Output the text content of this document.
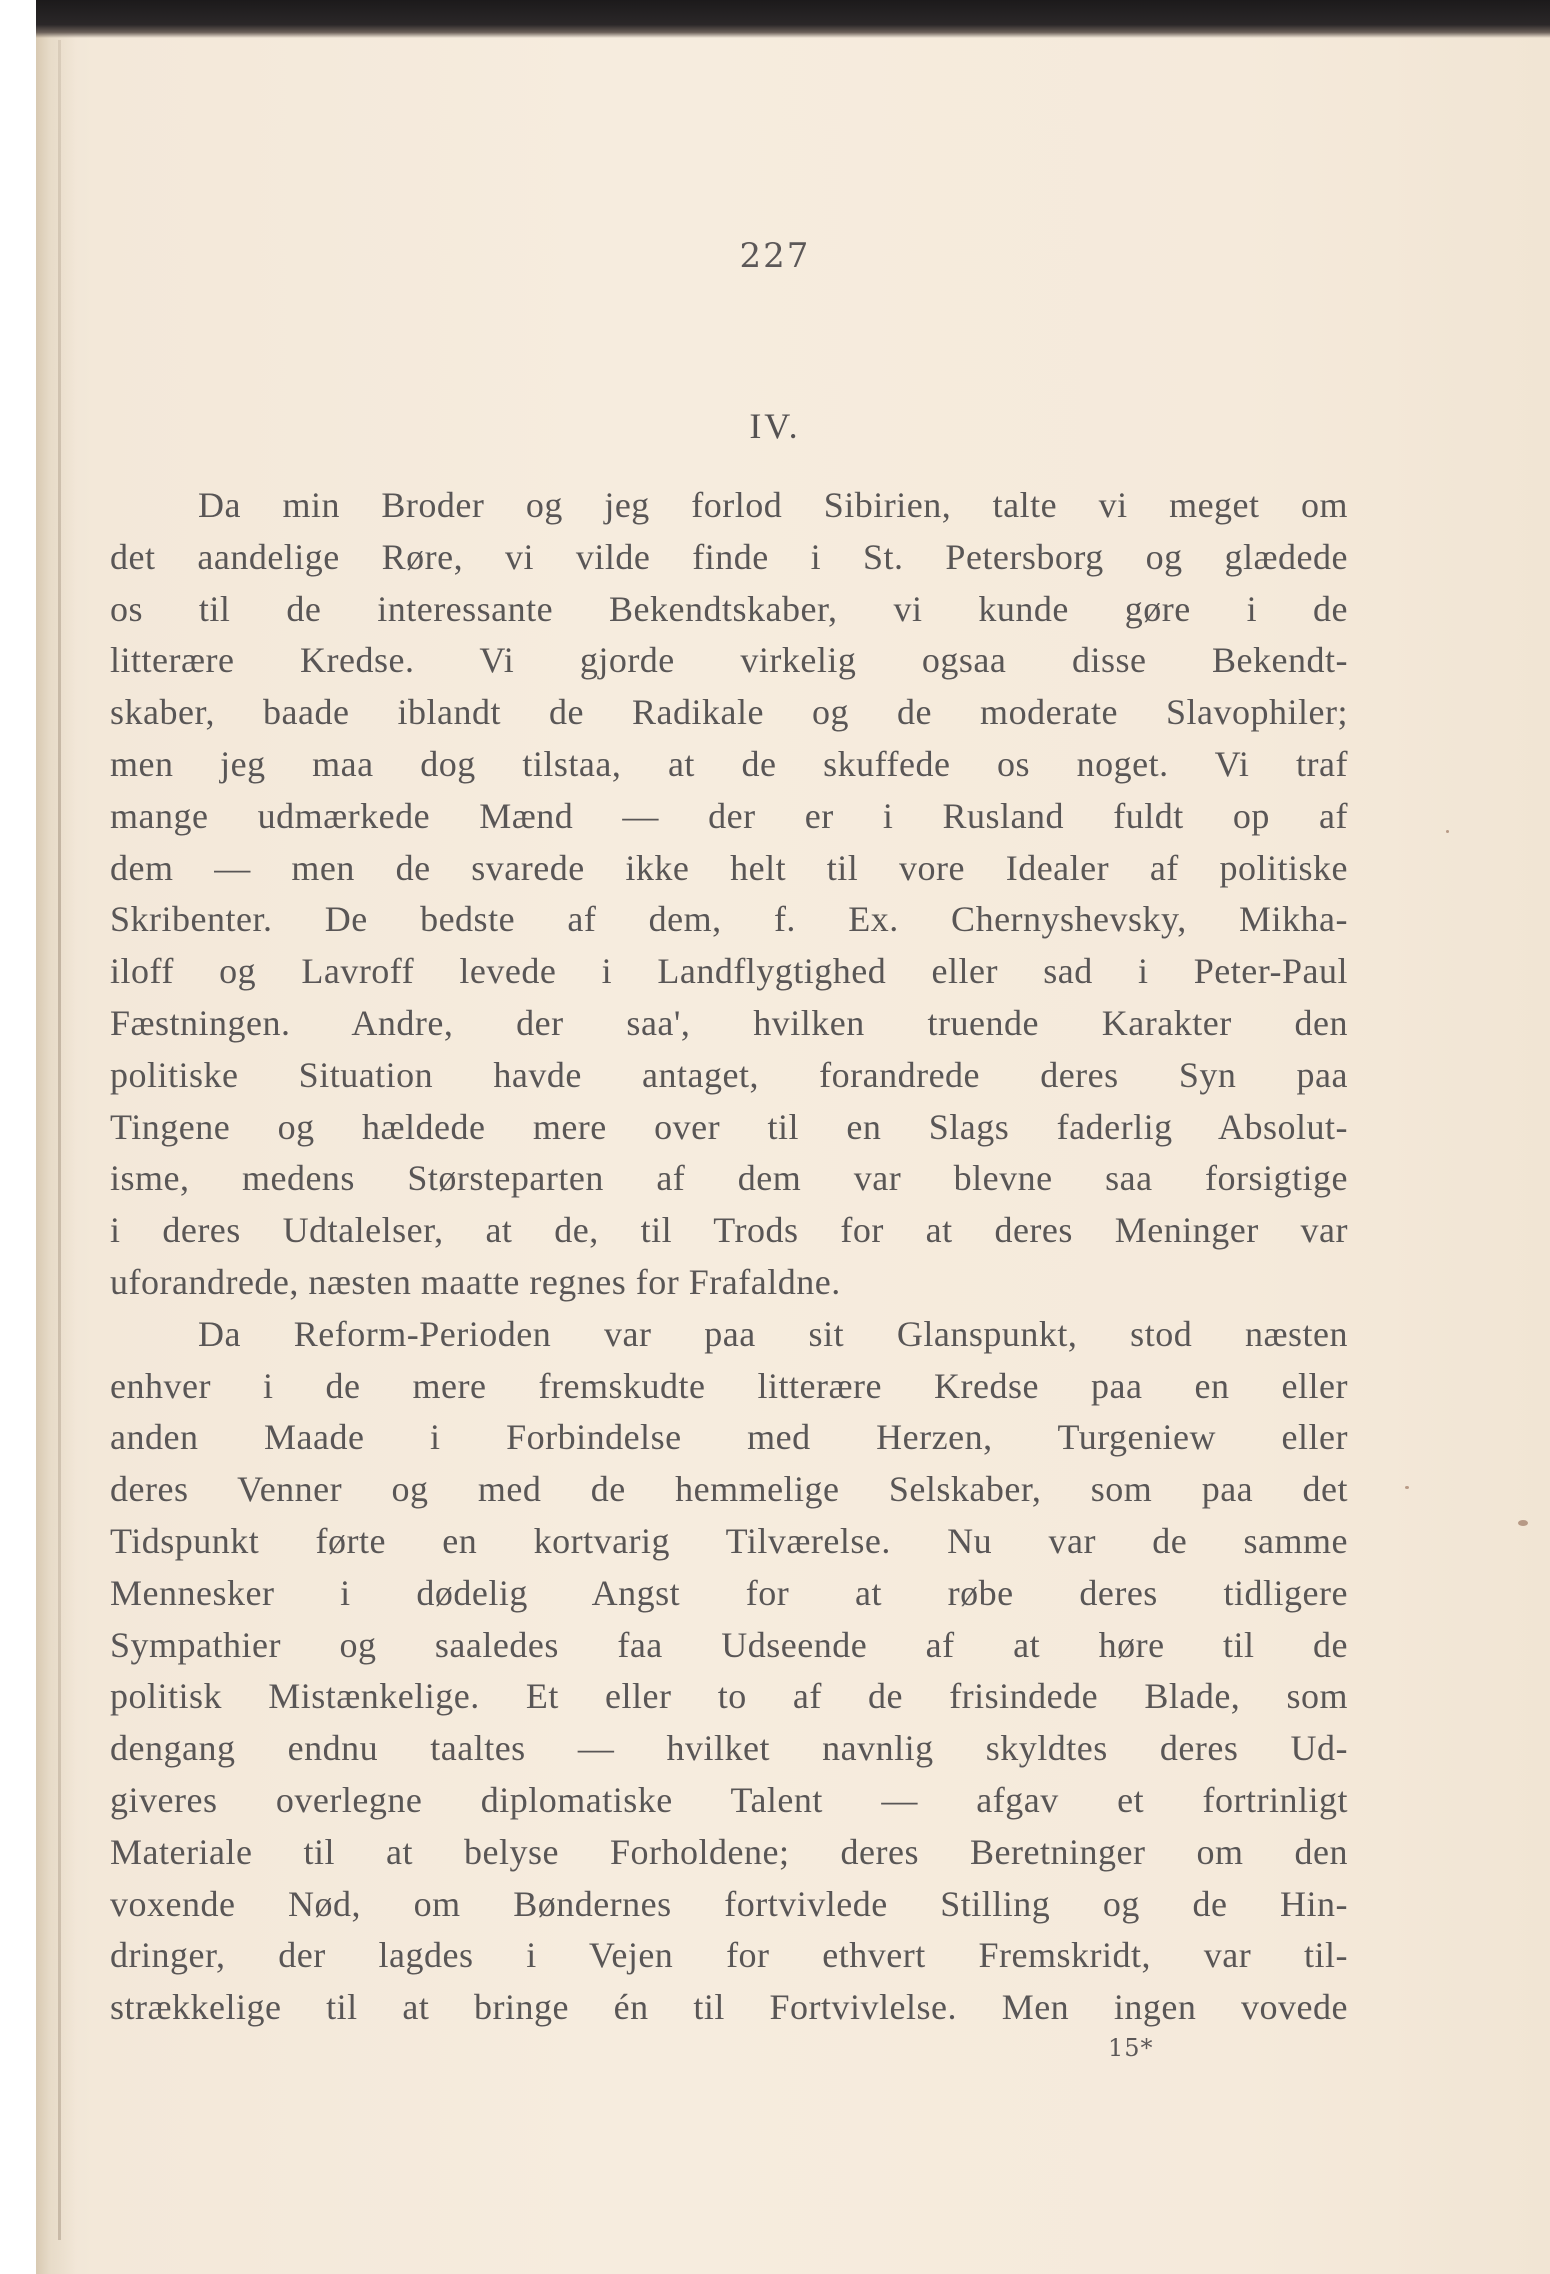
227
IV.
Da min Broder og jeg forlod Sibirien, talte vi meget om
det aandelige Røre, vi vilde finde i St. Petersborg og glædede
os til de interessante Bekendtskaber, vi kunde gøre i de
litterære Kredse. Vi gjorde virkelig ogsaa disse Bekendt-
skaber, baade iblandt de Radikale og de moderate Slavophiler;
men jeg maa dog tilstaa, at de skuffede os noget. Vi traf
mange udmærkede Mænd — der er i Rusland fuldt op af
dem — men de svarede ikke helt til vore Idealer af politiske
Skribenter. De bedste af dem, f. Ex. Chernyshevsky, Mikha-
iloff og Lavroff levede i Landflygtighed eller sad i Peter-Paul
Fæstningen. Andre, der saa', hvilken truende Karakter den
politiske Situation havde antaget, forandrede deres Syn paa
Tingene og hældede mere over til en Slags faderlig Absolut-
isme, medens Størsteparten af dem var blevne saa forsigtige
i deres Udtalelser, at de, til Trods for at deres Meninger var
uforandrede, næsten maatte regnes for Frafaldne.
Da Reform-Perioden var paa sit Glanspunkt, stod næsten
enhver i de mere fremskudte litterære Kredse paa en eller
anden Maade i Forbindelse med Herzen, Turgeniew eller
deres Venner og med de hemmelige Selskaber, som paa det
Tidspunkt førte en kortvarig Tilværelse. Nu var de samme
Mennesker i dødelig Angst for at røbe deres tidligere
Sympathier og saaledes faa Udseende af at høre til de
politisk Mistænkelige. Et eller to af de frisindede Blade, som
dengang endnu taaltes — hvilket navnlig skyldtes deres Ud-
giveres overlegne diplomatiske Talent — afgav et fortrinligt
Materiale til at belyse Forholdene; deres Beretninger om den
voxende Nød, om Bøndernes fortvivlede Stilling og de Hin-
dringer, der lagdes i Vejen for ethvert Fremskridt, var til-
strækkelige til at bringe én til Fortvivlelse. Men ingen vovede
15*
